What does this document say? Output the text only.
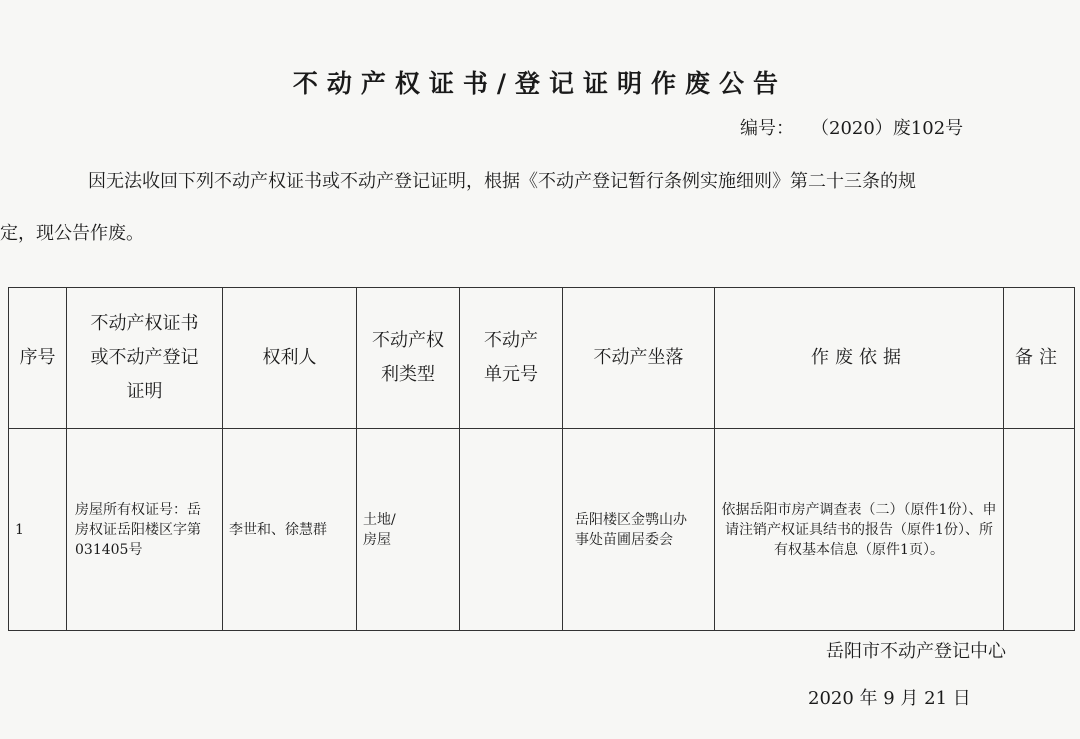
不动产权证书/登记证明作废公告
编号： （2020）废102号

因无法收回下列不动产权证书或不动产登记证明，根据《不动产登记暂行条例实施细则》第二十三条的规

定，现公告作废。

序号	不动产权证书或不动产登记证明	权利人	不动产权利类型	不动产单元号	不动产坐落	作废依据	备注
1	房屋所有权证号：岳房权证岳阳楼区字第031405号	李世和、徐慧群	土地/房屋		岳阳楼区金鹗山办事处苗圃居委会	依据岳阳市房产调查表（二）（原件1份）、申请注销产权证具结书的报告（原件1份）、所有权基本信息（原件1页）。	

岳阳市不动产登记中心
2020 年 9 月 21 日
